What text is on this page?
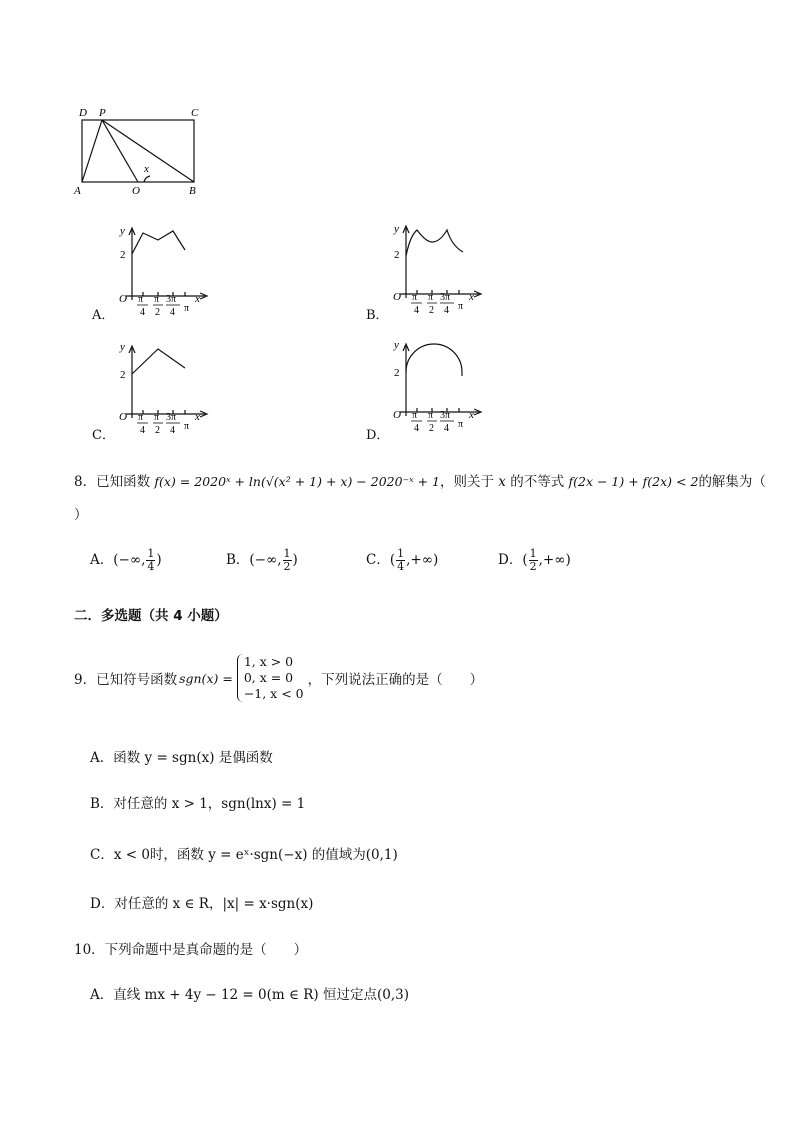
D P	C
A	O	B
x
y
2
O	x
π π 3π
4 2 4 π
A．
y
2
O	x
π π 3π
4 2 4 π
B．
y
2
O	x
π π 3π
4 2 4 π
C．
y
2
O	x
π π 3π
4 2 4 π
D．
8．已知函数 f(x) = 2020ˣ + ln(√(x² + 1) + x) − 2020⁻ˣ + 1，则关于 x 的不等式 f(2x − 1) + f(2x) < 2的解集为（
）
A．(−∞, $\frac{1}{4}$ )	B．(−∞, $\frac{1}{2}$ )	C．( $\frac{1}{4}$ ,+∞)	D．( $\frac{1}{2}$ ,+∞)
二．多选题（共 4 小题）
9．已知符号函数 sgn(x) =
1, x > 0
0, x = 0
−1, x < 0
，下列说法正确的是（　　）
A．函数 y = sgn(x) 是偶函数
B．对任意的 x > 1，sgn(lnx) = 1
C．x < 0时，函数 y = eˣ·sgn(−x) 的值域为(0,1)
D．对任意的 x ∈ R，|x| = x·sgn(x)
10．下列命题中是真命题的是（　　）
A．直线 mx + 4y − 12 = 0(m ∈ R) 恒过定点(0,3)
